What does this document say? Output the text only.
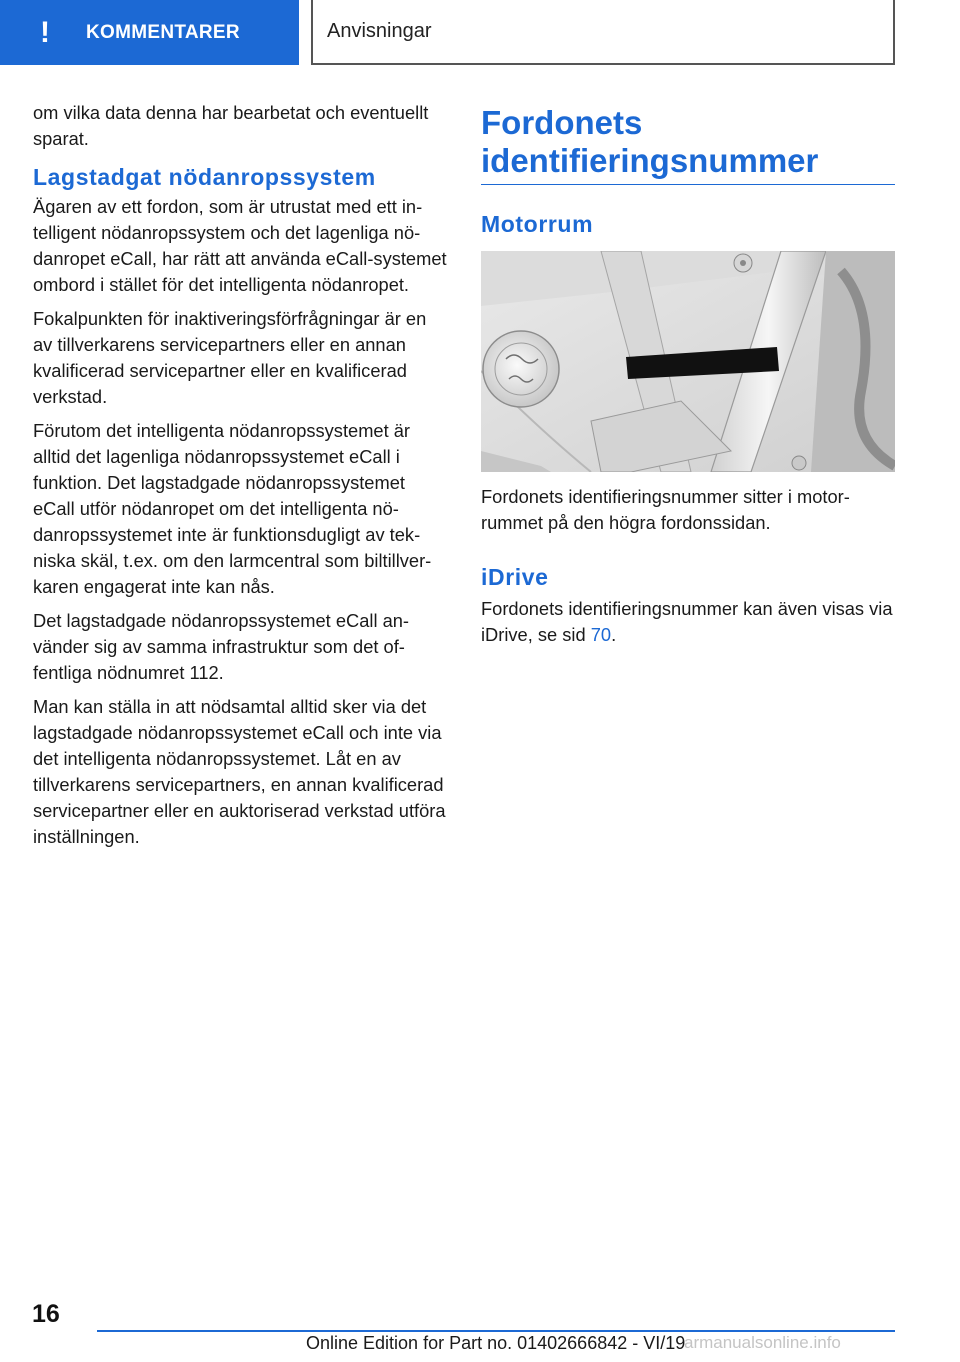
!	KOMMENTARER	Anvisningar

om vilka data denna har bearbetat och eventuellt sparat.

Lagstadgat nödanropssystem

Ägaren av ett fordon, som är utrustat med ett intelligent nödanropssystem och det lagenliga nödanropet eCall, har rätt att använda eCall-systemet ombord i stället för det intelligenta nödanropet.

Fokalpunkten för inaktiveringsförfrågningar är en av tillverkarens servicepartners eller en annan kvalificerad servicepartner eller en kvalificerad verkstad.

Förutom det intelligenta nödanropssystemet är alltid det lagenliga nödanropssystemet eCall i funktion. Det lagstadgade nödanropssystemet eCall utför nödanropet om det intelligenta nödanropssystemet inte är funktionsdugligt av tekniska skäl, t.ex. om den larmcentral som biltillverkaren engagerat inte kan nås.

Det lagstadgade nödanropssystemet eCall använder sig av samma infrastruktur som det offentliga nödnumret 112.

Man kan ställa in att nödsamtal alltid sker via det lagstadgade nödanropssystemet eCall och inte via det intelligenta nödanropssystemet. Låt en av tillverkarens servicepartners, en annan kvalificerad servicepartner eller en auktoriserad verkstad utföra inställningen.

Fordonets identifieringsnummer
Motorrum

Fordonets identifieringsnummer sitter i motorrummet på den högra fordonssidan.

iDrive

Fordonets identifieringsnummer kan även visas via iDrive, se sid 70.

16
Online Edition for Part no. 01402666842 - VI/19
armanualsonline.info
